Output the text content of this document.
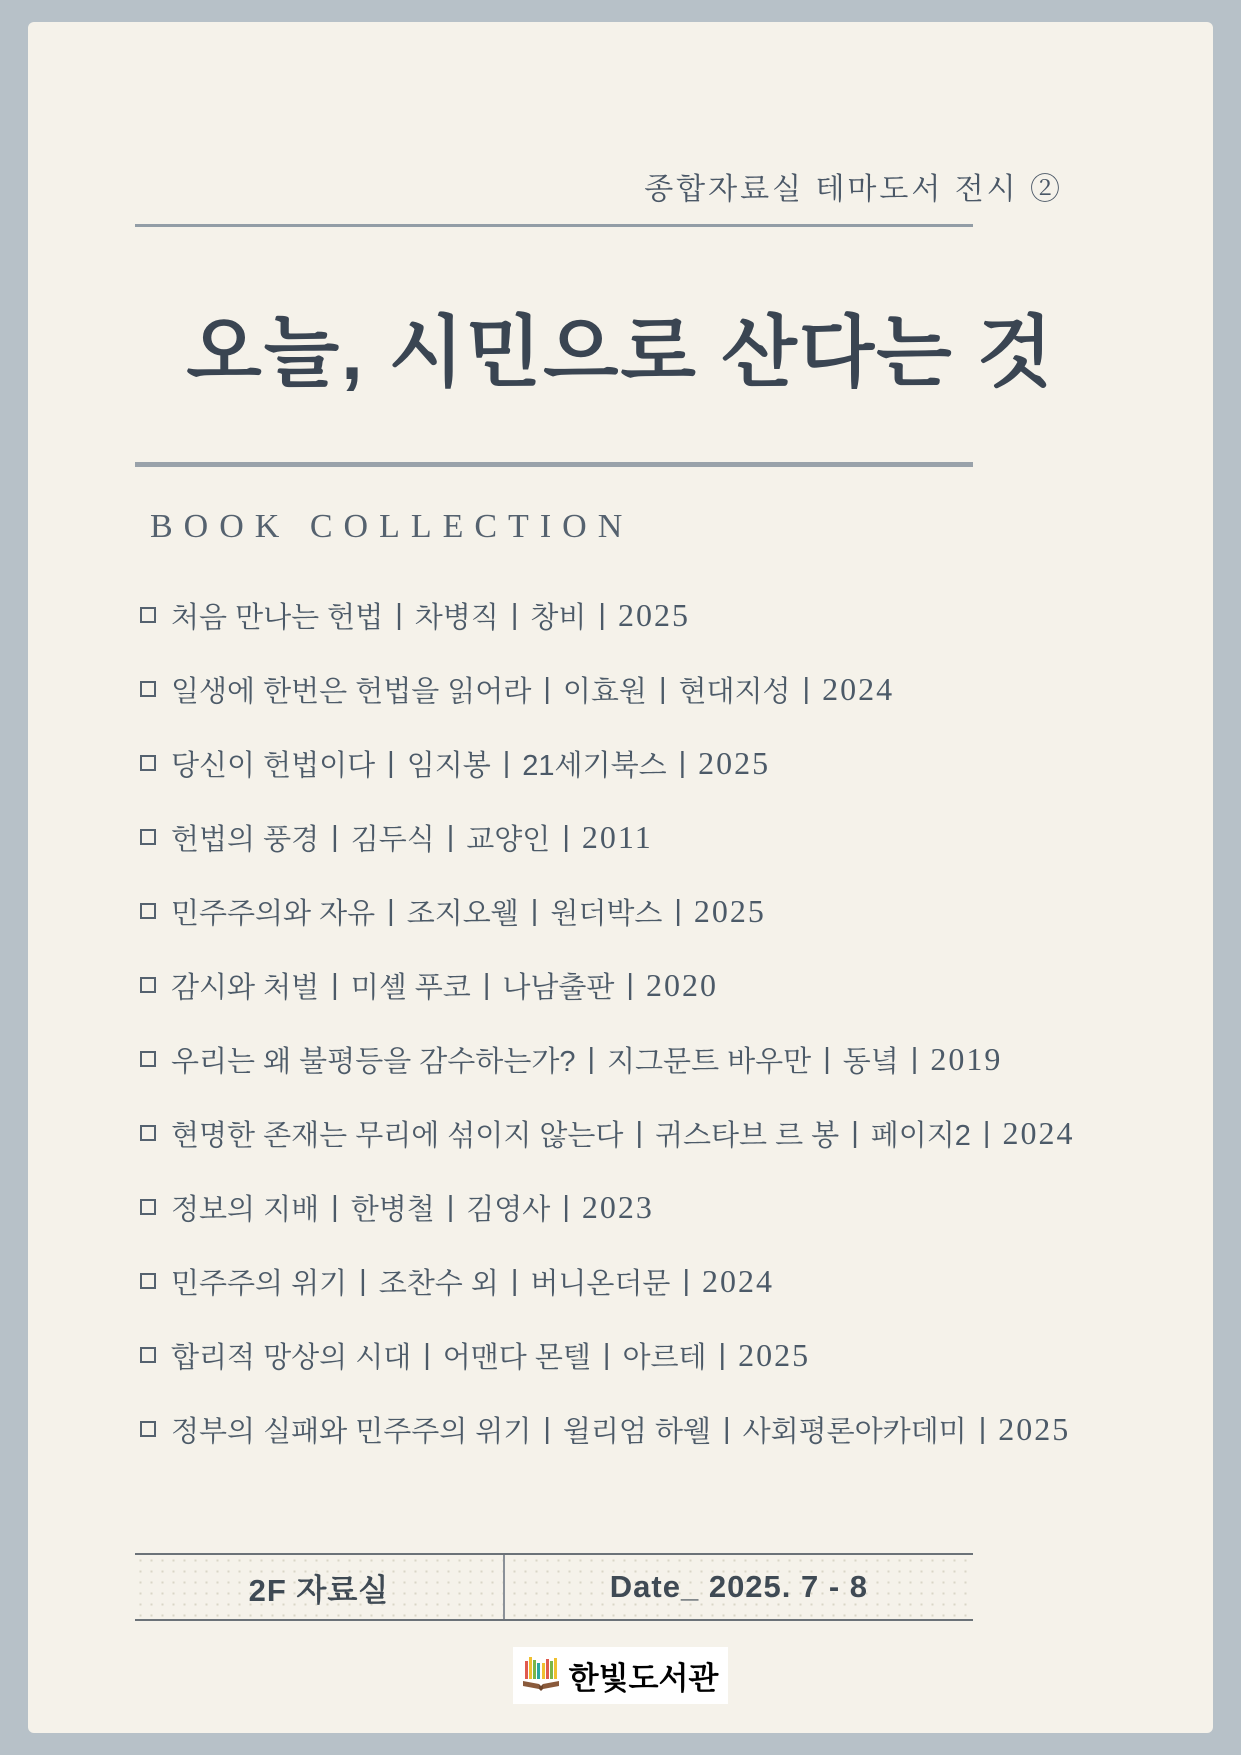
종합자료실 테마도서 전시 ②
오늘, 시민으로 산다는 것
BOOK COLLECTION
처음 만나는 헌법 | 차병직 | 창비 | 2025
일생에 한번은 헌법을 읽어라 | 이효원 | 현대지성 | 2024
당신이 헌법이다 | 임지봉 | 21세기북스 | 2025
헌법의 풍경 | 김두식 | 교양인 | 2011
민주주의와 자유 | 조지오웰 | 원더박스 | 2025
감시와 처벌 | 미셸 푸코 | 나남출판 | 2020
우리는 왜 불평등을 감수하는가? | 지그문트 바우만 | 동녘 | 2019
현명한 존재는 무리에 섞이지 않는다 | 귀스타브 르 봉 | 페이지2 | 2024
정보의 지배 | 한병철 | 김영사 | 2023
민주주의 위기 | 조찬수 외 | 버니온더문 | 2024
합리적 망상의 시대 | 어맨다 몬텔 | 아르테 | 2025
정부의 실패와 민주주의 위기 | 윌리엄 하웰 | 사회평론아카데미 | 2025
2F 자료실	Date_ 2025. 7 - 8
한빛도서관
